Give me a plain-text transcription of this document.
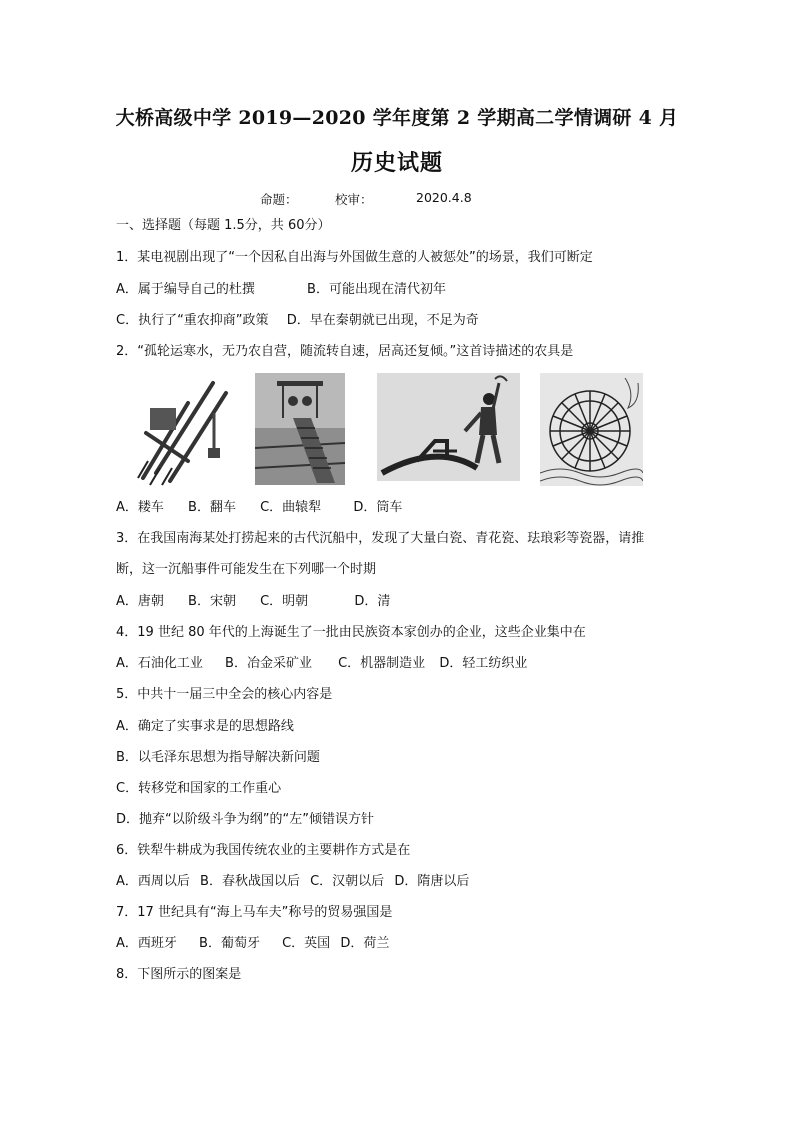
大桥高级中学 2019—2020 学年度第 2 学期高二学情调研 4 月
历史试题
命题：	校审：	2020.4.8
一、选择题（每题 1.5分，共 60分）
1．某电视剧出现了“一个因私自出海与外国做生意的人被惩处”的场景，我们可断定
A．属于编导自己的杜撰	B．可能出现在清代初年
C．执行了“重农抑商”政策 D．早在秦朝就已出现，不足为奇
2．“孤轮运寒水，无乃农自营，随流转自速，居高还复倾。”这首诗描述的农具是
A．耧车 B．翻车 C．曲辕犁 D．筒车
3．在我国南海某处打捞起来的古代沉船中，发现了大量白瓷、青花瓷、珐琅彩等瓷器，请推
断，这一沉船事件可能发生在下列哪一个时期
A．唐朝 B．宋朝 C．明朝	D．清
4．19 世纪 80 年代的上海诞生了一批由民族资本家创办的企业，这些企业集中在
A．石油化工业 B．冶金采矿业 C．机器制造业 D．轻工纺织业
5．中共十一届三中全会的核心内容是
A．确定了实事求是的思想路线
B．以毛泽东思想为指导解决新问题
C．转移党和国家的工作重心
D．抛弃“以阶级斗争为纲”的“左”倾错误方针
6．铁犁牛耕成为我国传统农业的主要耕作方式是在
A．西周以后 B．春秋战国以后 C．汉朝以后 D．隋唐以后
7．17 世纪具有“海上马车夫”称号的贸易强国是
A．西班牙 B．葡萄牙 C．英国 D．荷兰
8．下图所示的图案是
